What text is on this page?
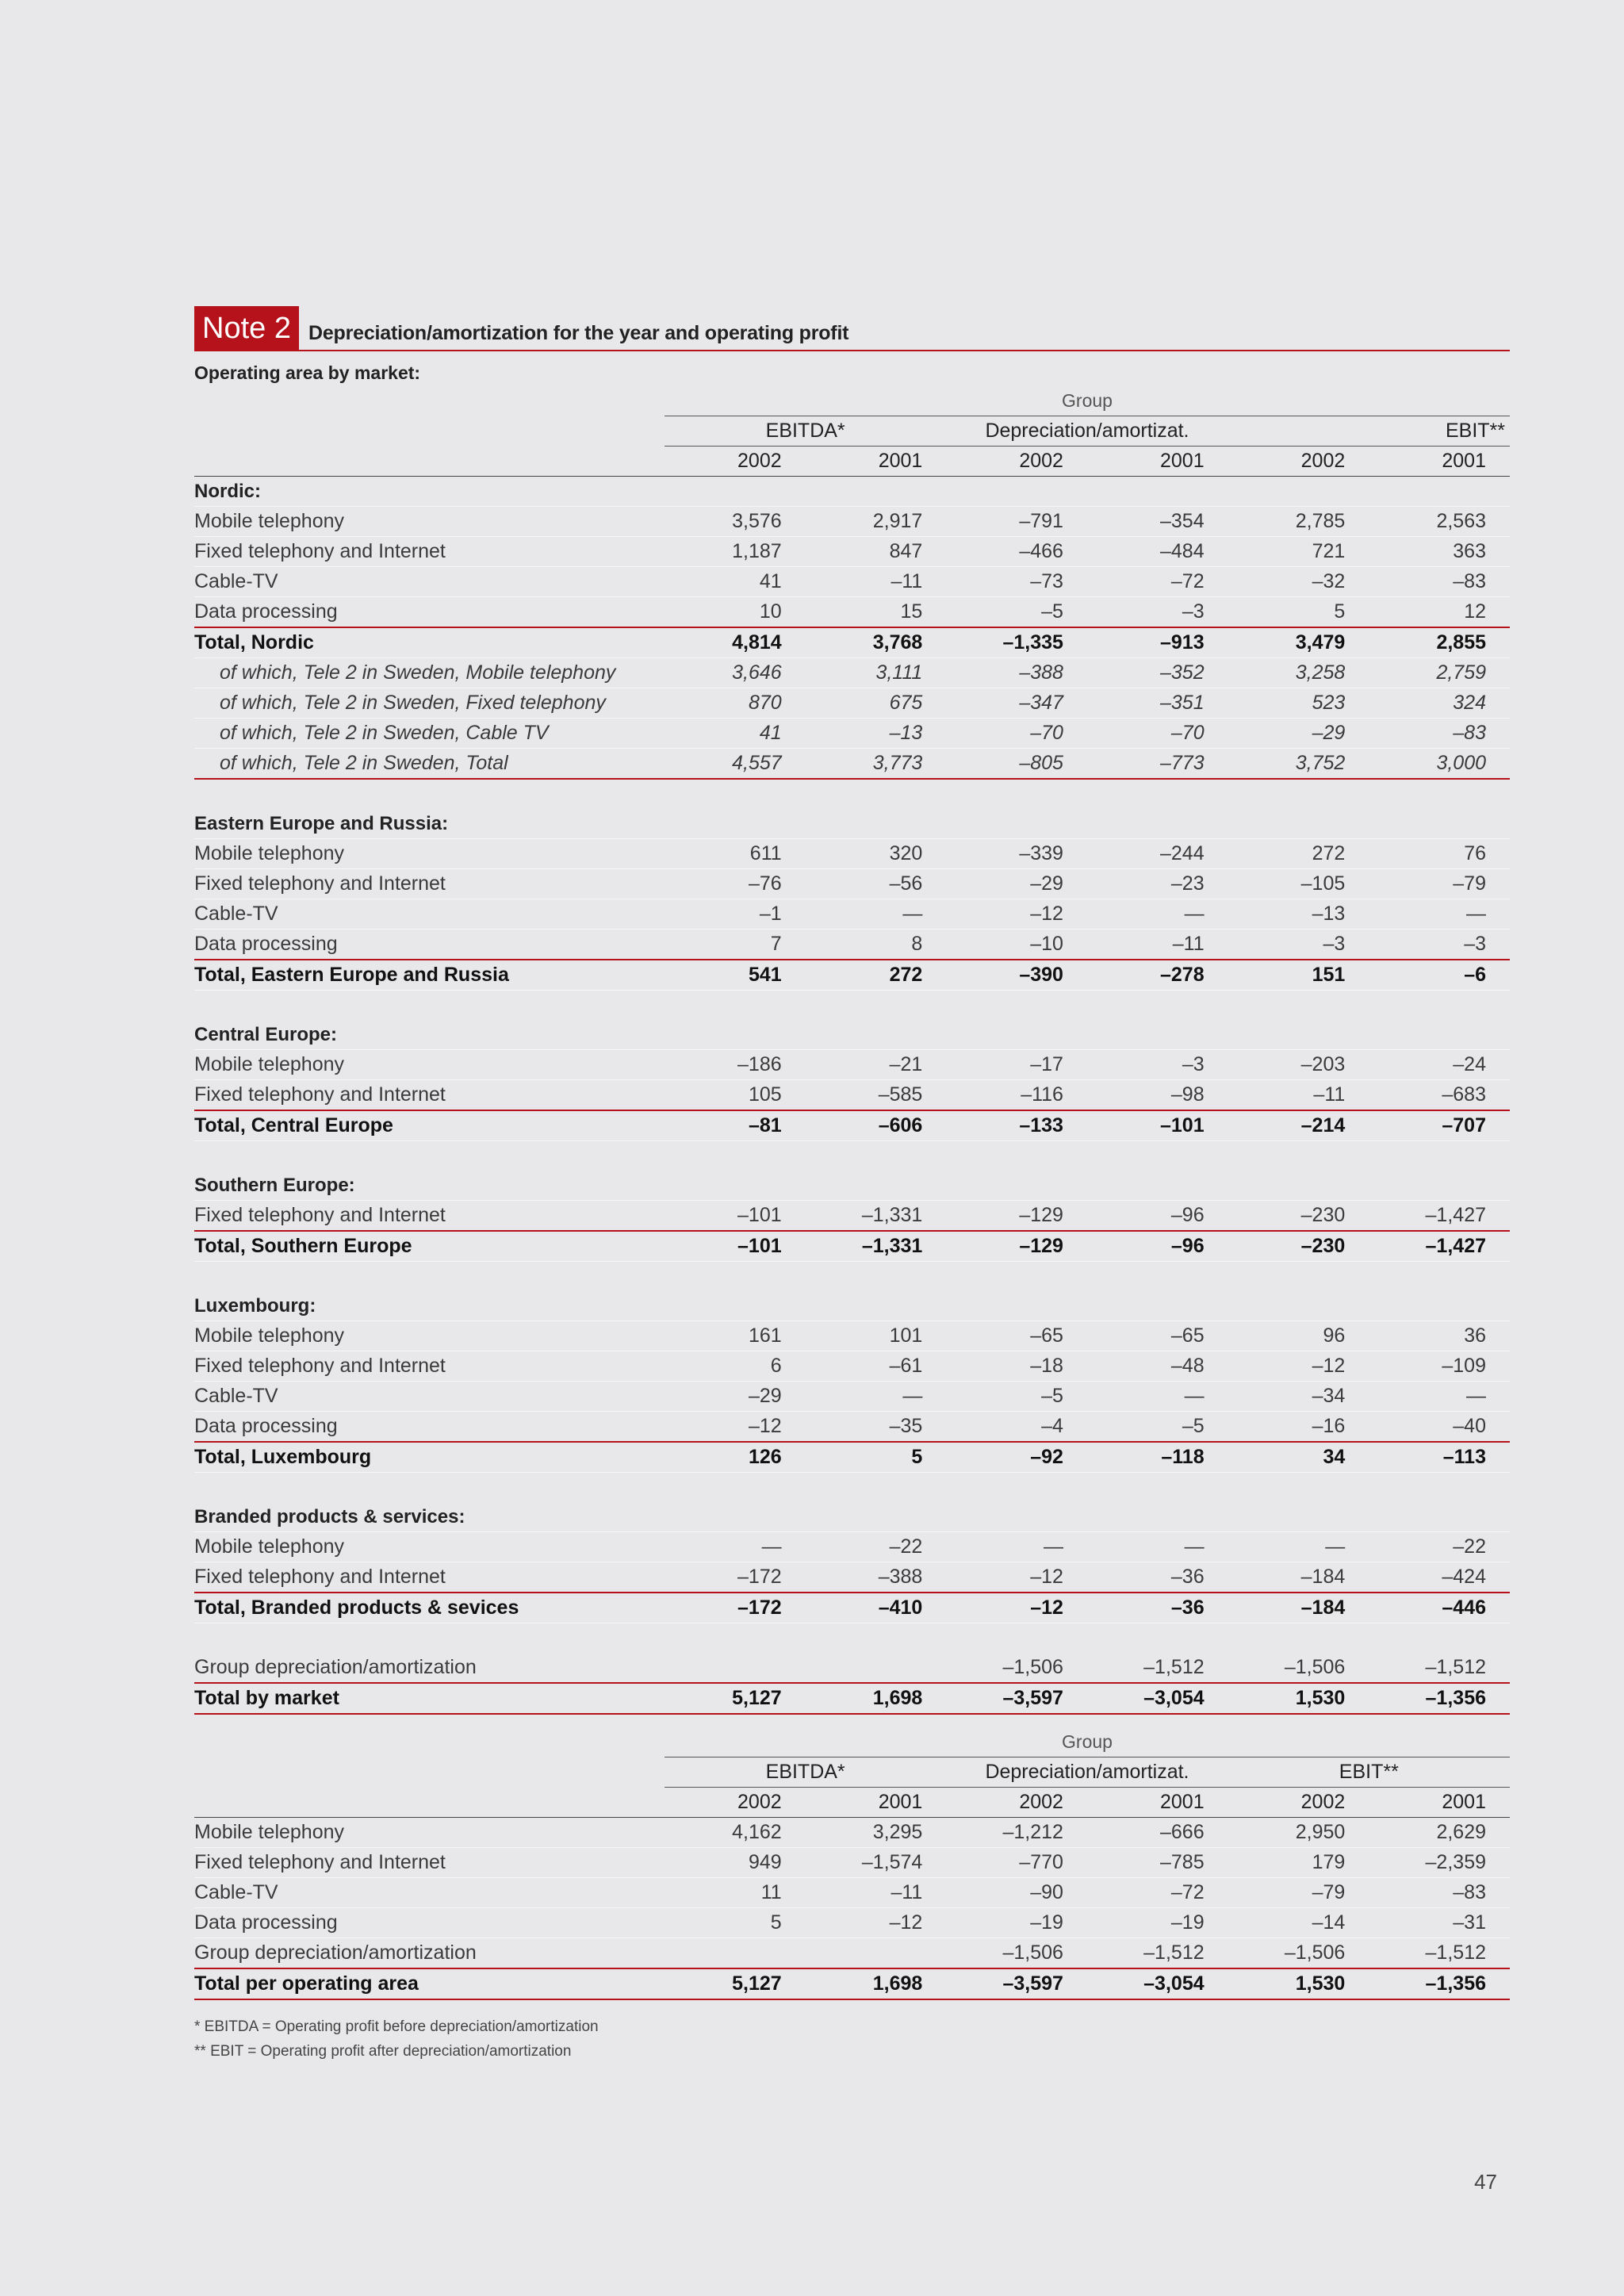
Note 2 Depreciation/amortization for the year and operating profit
Operating area by market:
	Group					
	EBITDA*		Depreciation/amortizat.		EBIT**	
	2002	2001	2002	2001	2002	2001
Nordic:						
Mobile telephony	3,576	2,917	–791	–354	2,785	2,563
Fixed telephony and Internet	1,187	847	–466	–484	721	363
Cable-TV	41	–11	–73	–72	–32	–83
Data processing	10	15	–5	–3	5	12
Total, Nordic	4,814	3,768	–1,335	–913	3,479	2,855
of which, Tele 2 in Sweden, Mobile telephony	3,646	3,111	–388	–352	3,258	2,759
of which, Tele 2 in Sweden, Fixed telephony	870	675	–347	–351	523	324
of which, Tele 2 in Sweden, Cable TV	41	–13	–70	–70	–29	–83
of which, Tele 2 in Sweden, Total	4,557	3,773	–805	–773	3,752	3,000

Eastern Europe and Russia:						
Mobile telephony	611	320	–339	–244	272	76
Fixed telephony and Internet	–76	–56	–29	–23	–105	–79
Cable-TV	–1	—	–12	—	–13	—
Data processing	7	8	–10	–11	–3	–3
Total, Eastern Europe and Russia	541	272	–390	–278	151	–6

Central Europe:						
Mobile telephony	–186	–21	–17	–3	–203	–24
Fixed telephony and Internet	105	–585	–116	–98	–11	–683
Total, Central Europe	–81	–606	–133	–101	–214	–707

Southern Europe:						
Fixed telephony and Internet	–101	–1,331	–129	–96	–230	–1,427
Total, Southern Europe	–101	–1,331	–129	–96	–230	–1,427

Luxembourg:						
Mobile telephony	161	101	–65	–65	96	36
Fixed telephony and Internet	6	–61	–18	–48	–12	–109
Cable-TV	–29	—	–5	—	–34	—
Data processing	–12	–35	–4	–5	–16	–40
Total, Luxembourg	126	5	–92	–118	34	–113

Branded products & services:						
Mobile telephony	—	–22	—	—	—	–22
Fixed telephony and Internet	–172	–388	–12	–36	–184	–424
Total, Branded products & sevices	–172	–410	–12	–36	–184	–446

Group depreciation/amortization			–1,506	–1,512	–1,506	–1,512
Total by market	5,127	1,698	–3,597	–3,054	1,530	–1,356
	Group					
	EBITDA*		Depreciation/amortizat.		EBIT**	
	2002	2001	2002	2001	2002	2001
Mobile telephony	4,162	3,295	–1,212	–666	2,950	2,629
Fixed telephony and Internet	949	–1,574	–770	–785	179	–2,359
Cable-TV	11	–11	–90	–72	–79	–83
Data processing	5	–12	–19	–19	–14	–31
Group depreciation/amortization			–1,506	–1,512	–1,506	–1,512
Total per operating area	5,127	1,698	–3,597	–3,054	1,530	–1,356
* EBITDA = Operating profit before depreciation/amortization
** EBIT = Operating profit after depreciation/amortization
47
